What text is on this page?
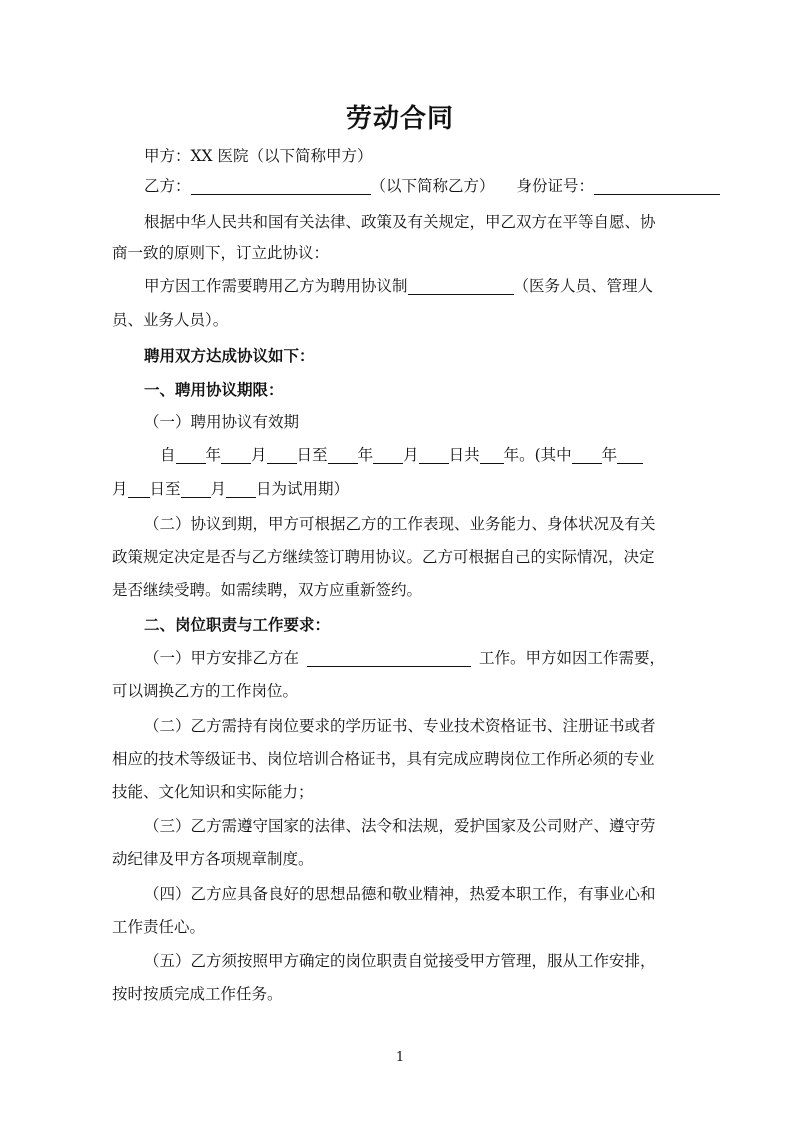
劳动合同
甲方：XX 医院（以下简称甲方）
乙方：	（以下简称乙方） 身份证号：
根据中华人民共和国有关法律、政策及有关规定，甲乙双方在平等自愿、协
商一致的原则下，订立此协议：
甲方因工作需要聘用乙方为聘用协议制	（医务人员、管理人
员、业务人员）。
聘用双方达成协议如下：
一、聘用协议期限：
（一）聘用协议有效期
自 年 月 日至 年 月 日共 年。(其中 年
月 日至 月 日为试用期）
（二）协议到期，甲方可根据乙方的工作表现、业务能力、身体状况及有关
政策规定决定是否与乙方继续签订聘用协议。乙方可根据自己的实际情况，决定
是否继续受聘。如需续聘，双方应重新签约。
二、岗位职责与工作要求：
（一）甲方安排乙方在	工作。甲方如因工作需要，
可以调换乙方的工作岗位。
（二）乙方需持有岗位要求的学历证书、专业技术资格证书、注册证书或者
相应的技术等级证书、岗位培训合格证书，具有完成应聘岗位工作所必须的专业
技能、文化知识和实际能力；
（三）乙方需遵守国家的法律、法令和法规，爱护国家及公司财产、遵守劳
动纪律及甲方各项规章制度。
（四）乙方应具备良好的思想品德和敬业精神，热爱本职工作，有事业心和
工作责任心。
（五）乙方须按照甲方确定的岗位职责自觉接受甲方管理，服从工作安排，
按时按质完成工作任务。
1
